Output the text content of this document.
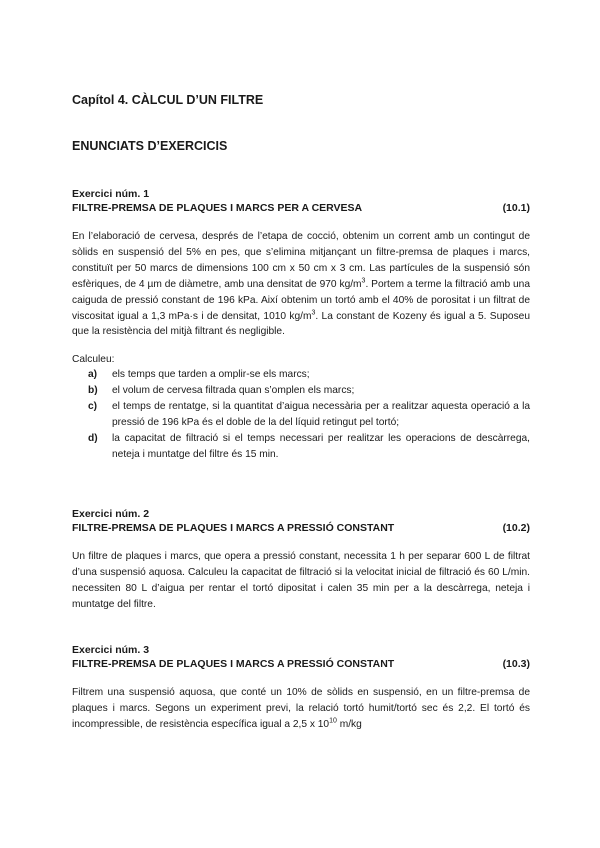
Capítol 4. CÀLCUL D’UN FILTRE
ENUNCIATS D’EXERCICIS
Exercici núm. 1
FILTRE-PREMSA DE PLAQUES I MARCS PER A CERVESA	(10.1)

En l’elaboració de cervesa, després de l’etapa de cocció, obtenim un corrent amb un contingut de sòlids en suspensió del 5% en pes, que s’elimina mitjançant un filtre-premsa de plaques i marcs, constituït per 50 marcs de dimensions 100 cm x 50 cm x 3 cm. Las partícules de la suspensió són esfèriques, de 4 µm de diàmetre, amb una densitat de 970 $kg/m^3$. Portem a terme la filtració amb una caiguda de pressió constant de 196 kPa. Així obtenim un tortó amb el 40% de porositat i un filtrat de viscositat igual a 1,3 mPa·s i de densitat, 1010 $kg/m^3$. La constant de Kozeny és igual a 5. Suposeu que la resistència del mitjà filtrant és negligible.

Calculeu:

a)	els temps que tarden a omplir-se els marcs;
b)	el volum de cervesa filtrada quan s’omplen els marcs;
c)	el temps de rentatge, si la quantitat d’aigua necessària per a realitzar aquesta operació a la pressió de 196 kPa és el doble de la del líquid retingut pel tortó;
d)	la capacitat de filtració si el temps necessari per realitzar les operacions de descàrrega, neteja i muntatge del filtre és 15 min.
Exercici núm. 2
FILTRE-PREMSA DE PLAQUES I MARCS A PRESSIÓ CONSTANT	(10.2)

Un filtre de plaques i marcs, que opera a pressió constant, necessita 1 h per separar 600 L de filtrat d’una suspensió aquosa. Calculeu la capacitat de filtració si la velocitat inicial de filtració és 60 L/min. necessiten 80 L d’aigua per rentar el tortó dipositat i calen 35 min per a la descàrrega, neteja i muntatge del filtre.

Exercici núm. 3
FILTRE-PREMSA DE PLAQUES I MARCS A PRESSIÓ CONSTANT	(10.3)

Filtrem una suspensió aquosa, que conté un 10% de sòlids en suspensió, en un filtre-premsa de plaques i marcs. Segons un experiment previ, la relació tortó humit/tortó sec és 2,2. El tortó és incompressible, de resistència específica igual a 2,5 x $10^{10}$ m/kg
